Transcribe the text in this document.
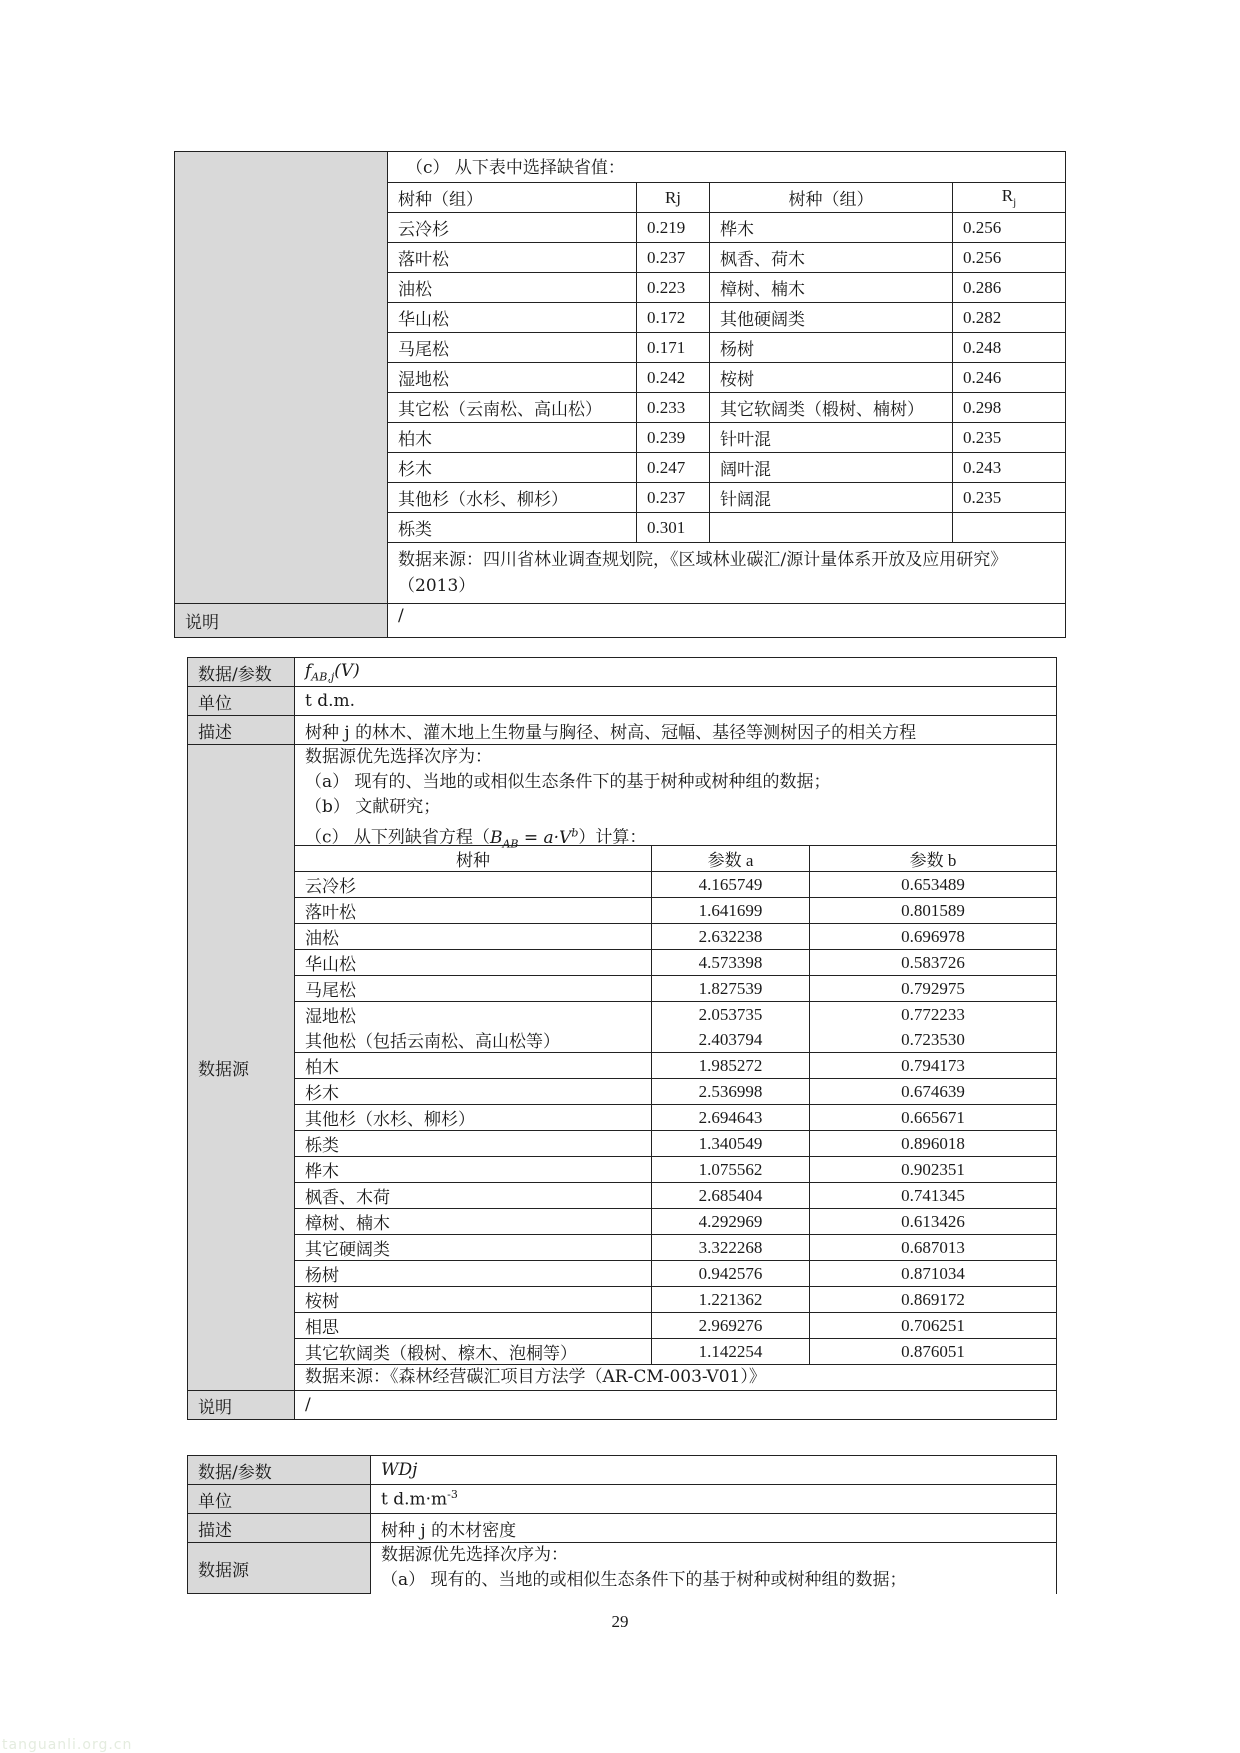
（c） 从下表中选择缺省值：
树种（组）	Rj	树种（组）	$R_j$
云冷杉	0.219	桦木	0.256
落叶松	0.237	枫香、荷木	0.256
油松	0.223	樟树、楠木	0.286
华山松	0.172	其他硬阔类	0.282
马尾松	0.171	杨树	0.248
湿地松	0.242	桉树	0.246
其它松（云南松、高山松）	0.233	其它软阔类（椴树、楠树）	0.298
柏木	0.239	针叶混	0.235
杉木	0.247	阔叶混	0.243
其他杉（水杉、柳杉）	0.237	针阔混	0.235
栎类	0.301		
数据来源：四川省林业调查规划院，《区域林业碳汇/源计量体系开放及应用研究》（2013）

说明	/
数据/参数	$f_{AB,j}(V)$
单位	t d.m.
描述	树种 j 的林木、灌木地上生物量与胸径、树高、冠幅、基径等测树因子的相关方程
数据源	
数据源优先选择次序为：
（a） 现有的、当地的或相似生态条件下的基于树种或树种组的数据；
（b） 文献研究；
（c） 从下列缺省方程$(B_{AB} = a\cdot V^b)$计算：
树种	参数 a	参数 b
云冷杉	4.165749	0.653489
落叶松	1.641699	0.801589
油松	2.632238	0.696978
华山松	4.573398	0.583726
马尾松	1.827539	0.792975
湿地松	2.053735	0.772233
其他松（包括云南松、高山松等）	2.403794	0.723530
柏木	1.985272	0.794173
杉木	2.536998	0.674639
其他杉（水杉、柳杉）	2.694643	0.665671
栎类	1.340549	0.896018
桦木	1.075562	0.902351
枫香、木荷	2.685404	0.741345
樟树、楠木	4.292969	0.613426
其它硬阔类	3.322268	0.687013
杨树	0.942576	0.871034
桉树	1.221362	0.869172
相思	2.969276	0.706251
其它软阔类（椴树、檫木、泡桐等）	1.142254	0.876051
数据来源：《森林经营碳汇项目方法学（AR-CM-003-V01）》

说明	/
数据/参数	WDj
单位	t $d.m\cdot m^{-3}$
描述	树种 j 的木材密度
数据源	数据源优先选择次序为：
（a） 现有的、当地的或相似生态条件下的基于树种或树种组的数据；
29
tanguanli.org.cn
